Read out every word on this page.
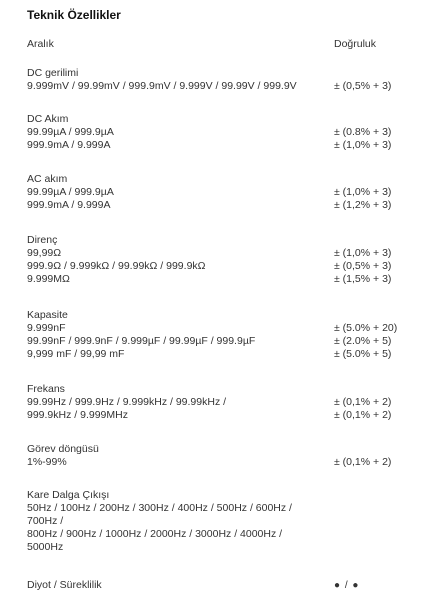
Teknik Özellikler
Aralık	Doğruluk
DC gerilimi
9.999mV / 99.99mV / 999.9mV / 9.999V / 99.99V / 999.9V	± (0,5% + 3)
DC Akım
99.99µA / 999.9µA	± (0.8% + 3)
999.9mA / 9.999A	± (1,0% + 3)
AC akım
99.99µA / 999.9µA	± (1,0% + 3)
999.9mA / 9.999A	± (1,2% + 3)
Direnç
99,99Ω	± (1,0% + 3)
999.9Ω / 9.999kΩ / 99.99kΩ / 999.9kΩ	± (0,5% + 3)
9.999MΩ	± (1,5% + 3)
Kapasite
9.999nF	± (5.0% + 20)
99.99nF / 999.9nF / 9.999µF / 99.99µF / 999.9µF	± (2.0% + 5)
9,999 mF / 99,99 mF	± (5.0% + 5)
Frekans
99.99Hz / 999.9Hz / 9.999kHz / 99.99kHz /	± (0,1% + 2)
999.9kHz / 9.999MHz	± (0,1% + 2)
Görev döngüsü
1%-99%	± (0,1% + 2)
Kare Dalga Çıkışı
50Hz / 100Hz / 200Hz / 300Hz / 400Hz / 500Hz / 600Hz /
700Hz /
800Hz / 900Hz / 1000Hz / 2000Hz / 3000Hz / 4000Hz /
5000Hz
Diyot / Süreklilik	● / ●
